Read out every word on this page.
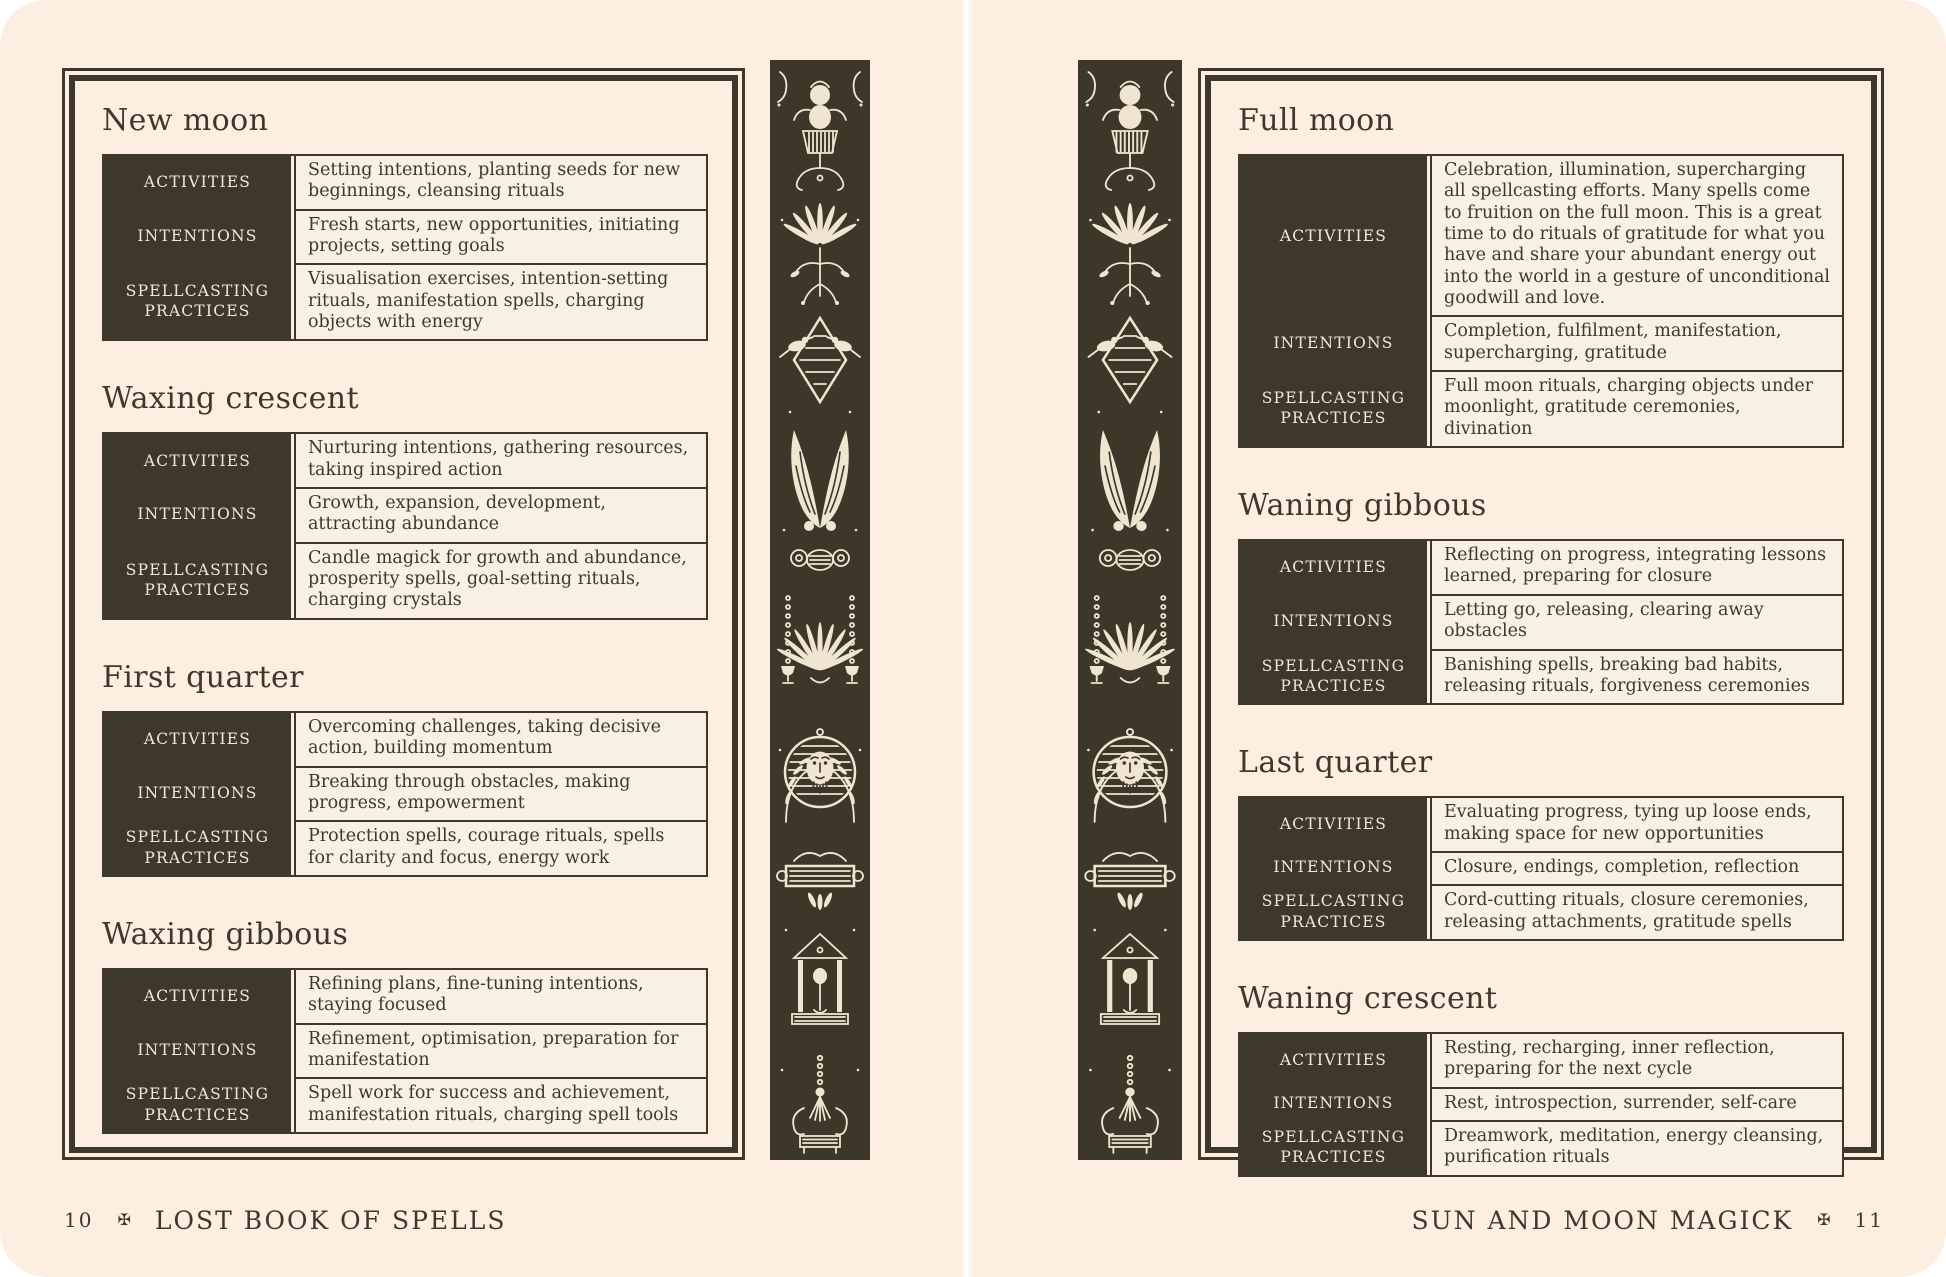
New moon
ACTIVITIES
Setting intentions, planting seeds for new beginnings, cleansing rituals
INTENTIONS
Fresh starts, new opportunities, initiating projects, setting goals
SPELLCASTING PRACTICES
Visualisation exercises, intention-setting rituals, manifestation spells, charging objects with energy
Waxing crescent
ACTIVITIES
Nurturing intentions, gathering resources, taking inspired action
INTENTIONS
Growth, expansion, development, attracting abundance
SPELLCASTING PRACTICES
Candle magick for growth and abundance, prosperity spells, goal-setting rituals, charging crystals
First quarter
ACTIVITIES
Overcoming challenges, taking decisive action, building momentum
INTENTIONS
Breaking through obstacles, making progress, empowerment
SPELLCASTING PRACTICES
Protection spells, courage rituals, spells for clarity and focus, energy work
Waxing gibbous
ACTIVITIES
Refining plans, fine-tuning intentions, staying focused
INTENTIONS
Refinement, optimisation, preparation for manifestation
SPELLCASTING PRACTICES
Spell work for success and achievement, manifestation rituals, charging spell tools
10 ✠ LOST BOOK OF SPELLS
Full moon
ACTIVITIES
Celebration, illumination, supercharging all spellcasting efforts. Many spells come to fruition on the full moon. This is a great time to do rituals of gratitude for what you have and share your abundant energy out into the world in a gesture of unconditional goodwill and love.
INTENTIONS
Completion, fulfilment, manifestation, supercharging, gratitude
SPELLCASTING PRACTICES
Full moon rituals, charging objects under moonlight, gratitude ceremonies, divination
Waning gibbous
ACTIVITIES
Reflecting on progress, integrating lessons learned, preparing for closure
INTENTIONS
Letting go, releasing, clearing away obstacles
SPELLCASTING PRACTICES
Banishing spells, breaking bad habits, releasing rituals, forgiveness ceremonies
Last quarter
ACTIVITIES
Evaluating progress, tying up loose ends, making space for new opportunities
INTENTIONS	Closure, endings, completion, reflection
SPELLCASTING PRACTICES
Cord-cutting rituals, closure ceremonies, releasing attachments, gratitude spells
Waning crescent
ACTIVITIES
Resting, recharging, inner reflection, preparing for the next cycle
INTENTIONS	Rest, introspection, surrender, self-care
SPELLCASTING PRACTICES
Dreamwork, meditation, energy cleansing, purification rituals
SUN AND MOON MAGICK ✠ 11
